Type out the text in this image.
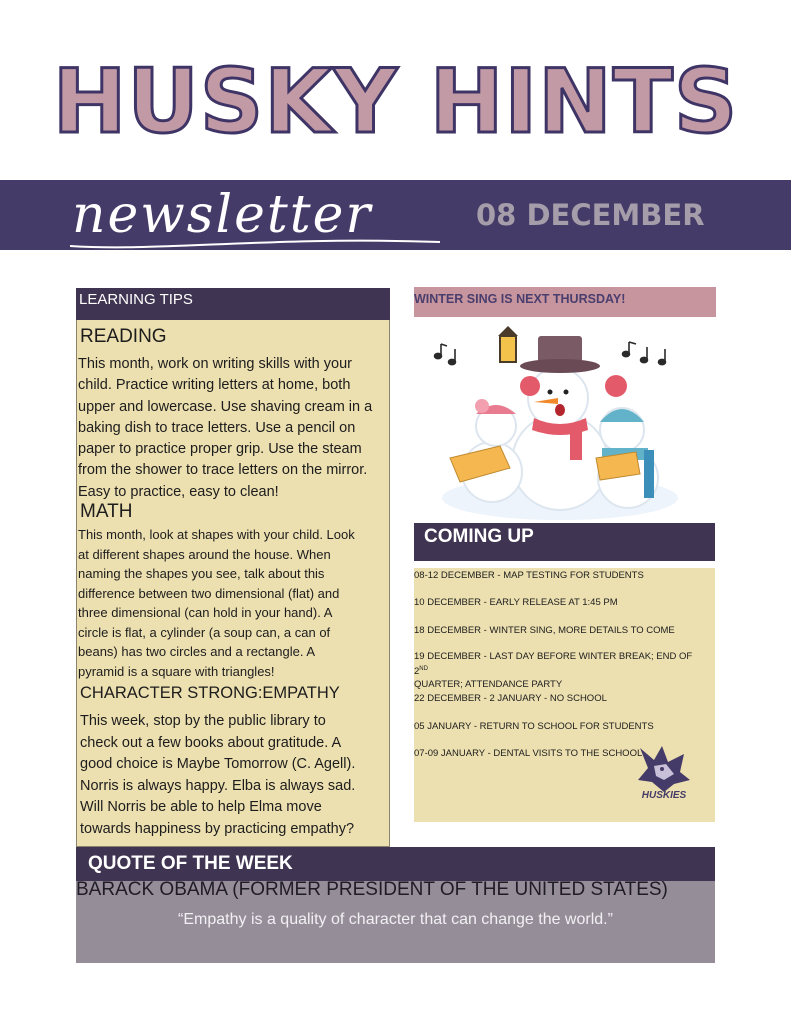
HUSKY HINTS
newsletter	08 DECEMBER
LEARNING TIPS
READING
This month, work on writing skills with your
child. Practice writing letters at home, both
upper and lowercase. Use shaving cream in a
baking dish to trace letters. Use a pencil on
paper to practice proper grip. Use the steam
from the shower to trace letters on the mirror.
Easy to practice, easy to clean!
MATH
This month, look at shapes with your child. Look
at different shapes around the house. When
naming the shapes you see, talk about this
difference between two dimensional (flat) and
three dimensional (can hold in your hand). A
circle is flat, a cylinder (a soup can, a can of
beans) has two circles and a rectangle. A
pyramid is a square with triangles!
CHARACTER STRONG:EMPATHY
This week, stop by the public library to
check out a few books about gratitude. A
good choice is Maybe Tomorrow (C. Agell).
Norris is always happy. Elba is always sad.
Will Norris be able to help Elma move
towards happiness by practicing empathy?
WINTER SING IS NEXT THURSDAY!
COMING UP
08-12 DECEMBER - MAP TESTING FOR STUDENTS
10 DECEMBER - EARLY RELEASE AT 1:45 PM
18 DECEMBER - WINTER SING, MORE DETAILS TO COME
19 DECEMBER - LAST DAY BEFORE WINTER BREAK; END OF 2ND
QUARTER; ATTENDANCE PARTY
22 DECEMBER - 2 JANUARY - NO SCHOOL
05 JANUARY - RETURN TO SCHOOL FOR STUDENTS
07-09 JANUARY - DENTAL VISITS TO THE SCHOOL
HUSKIES
QUOTE OF THE WEEK
BARACK OBAMA (FORMER PRESIDENT OF THE UNITED STATES)
“Empathy is a quality of character that can change the world.”
